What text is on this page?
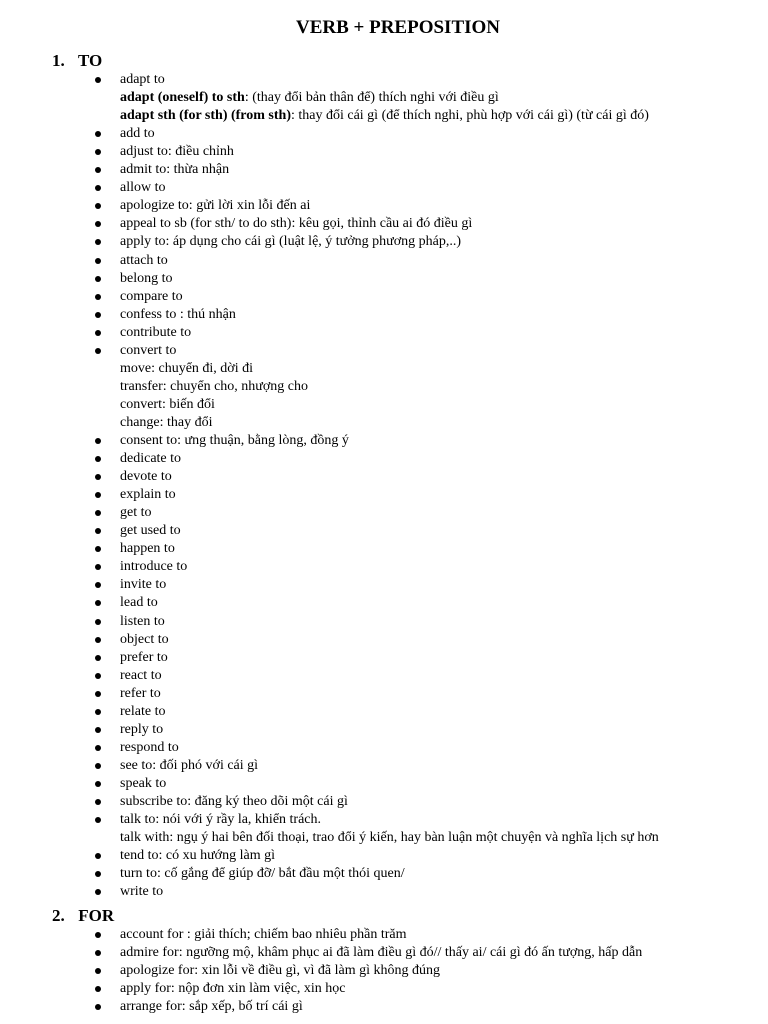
VERB + PREPOSITION
1. TO
adapt to
adapt (oneself) to sth: (thay đổi bản thân để) thích nghi với điều gì
adapt sth (for sth) (from sth): thay đổi cái gì (để thích nghi, phù hợp với cái gì) (từ cái gì đó)
add to
adjust to: điều chỉnh
admit to: thừa nhận
allow to
apologize to: gửi lời xin lỗi đến ai
appeal to sb (for sth/ to do sth): kêu gọi, thỉnh cầu ai đó điều gì
apply to: áp dụng cho cái gì (luật lệ, ý tưởng phương pháp,..)
attach to
belong to
compare to
confess to : thú nhận
contribute to
convert to
move: chuyển đi, dời đi
transfer: chuyển cho, nhượng cho
convert: biến đổi
change: thay đổi
consent to: ưng thuận, bằng lòng, đồng ý
dedicate to
devote to
explain to
get to
get used to
happen to
introduce to
invite to
lead to
listen to
object to
prefer to
react to
refer to
relate to
reply to
respond to
see to: đối phó với cái gì
speak to
subscribe to: đăng ký theo dõi một cái gì
talk to: nói với ý rầy la, khiển trách.
talk with: ngụ ý hai bên đối thoại, trao đổi ý kiến, hay bàn luận một chuyện và nghĩa lịch sự hơn
tend to: có xu hướng làm gì
turn to: cố gắng để giúp đỡ/ bắt đầu một thói quen/
write to
2. FOR
account for : giải thích; chiếm bao nhiêu phần trăm
admire for: ngưỡng mộ, khâm phục ai đã làm điều gì đó// thấy ai/ cái gì đó ấn tượng, hấp dẫn
apologize for: xin lỗi về điều gì, vì đã làm gì không đúng
apply for: nộp đơn xin làm việc, xin học
arrange for: sắp xếp, bố trí cái gì
